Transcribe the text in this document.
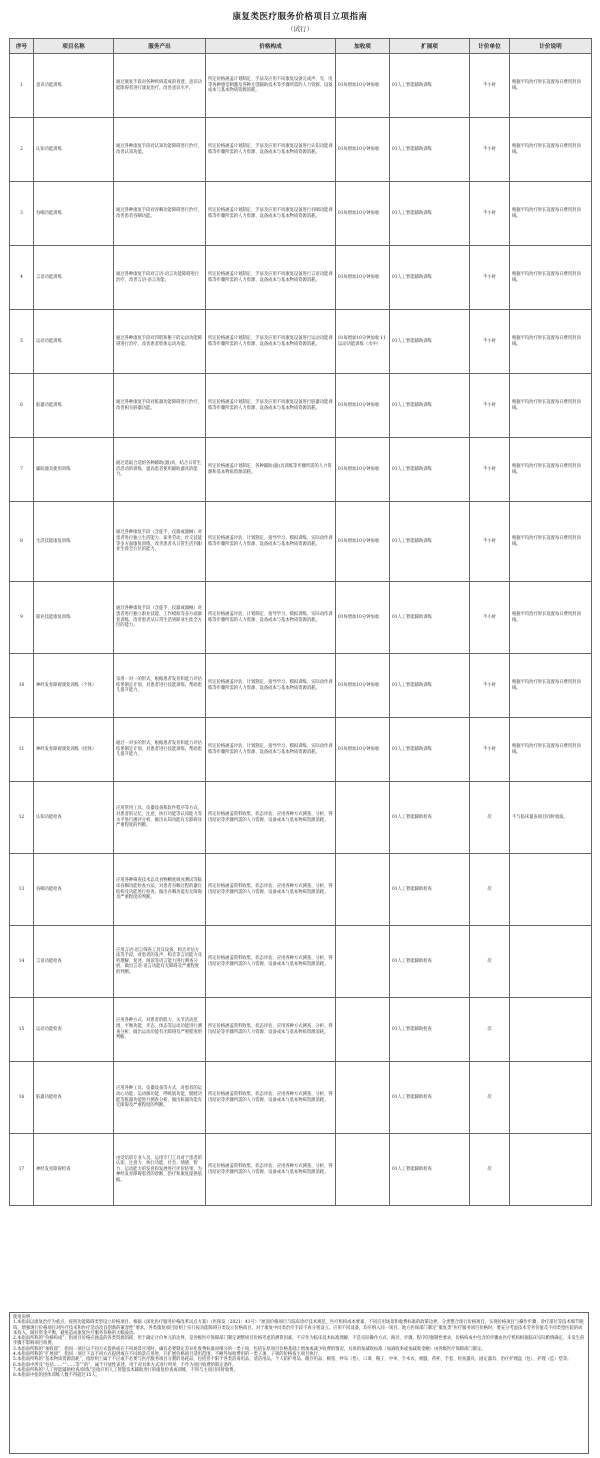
康复类医疗服务价格项目立项指南
（试行）
序号	项目名称	服务产出	价格构成	加收项	扩展项	计价单位	计价说明
1	意识功能训练	通过康复手段对各种疾病造成的昏迷、意识功能障碍者进行康复治疗，改善意识水平。	所定价格涵盖计划制定、手法及应用不同康复设备完成声、光、电等各种感觉刺激及各种无创辅助技术等步骤所需的人力资源、设备成本与基本物质资源消耗。	01每增加10分钟加收	01人工智能辅助训练	半小时	根据平均治疗时长设置每日费用封顶线。
2	认知功能训练	通过各种康复手段对认知功能障碍进行治疗，改善认知功能。	所定价格涵盖计划制定、手法及应用不同康复设备进行认知功能训练等步骤所需的人力资源、设备成本与基本物质资源消耗。	01每增加10分钟加收	01人工智能辅助训练	半小时	根据平均治疗时长设置每日费用封顶线。
3	吞咽功能训练	通过各种康复手段对吞咽功能障碍进行治疗，改善患者吞咽功能。	所定价格涵盖计划制定、手法及应用不同康复设备进行吞咽功能训练等步骤所需的人力资源、设备成本与基本物质资源消耗。	01每增加10分钟加收	01人工智能辅助训练	半小时	根据平均治疗时长设置每日费用封顶线。
4	言语功能训练	通过各种康复手段对言语-语言功能障碍进行治疗，改善言语-语言功能。	所定价格涵盖计划制定、手法及应用不同康复设备进行言语功能训练等步骤所需的人力资源、设备成本与基本物质资源消耗。	01每增加10分钟加收	01人工智能辅助训练	半小时	根据平均治疗时长设置每日费用封顶线。
5	运动功能训练	通过各种康复手段对四肢和躯干的运动功能障碍进行治疗，改善患者肢体运动功能。	所定价格涵盖计划制定、手法及应用不同康复设备进行运动功能训练等步骤所需的人力资源、设备成本与基本物质资源消耗。	01每增加10分钟加收 11运动功能训练（水中）	01人工智能辅助训练	半小时	根据平均治疗时长设置每日费用封顶线。
6	脏器功能训练	通过各种康复手段对脏器功能障碍进行治疗，改善相关脏器功能。	所定价格涵盖计划制定、手法及应用不同康复设备进行脏器功能训练等步骤所需的人力资源、设备成本与基本物质资源消耗。	01每增加10分钟加收	01人工智能辅助训练	半小时	根据平均治疗时长设置每日费用封顶线。
7	辅助器具使用训练	通过选取合适的各种辅助(器)具，结合日常生活活动的训练，提高患者使用辅助器具的能力。	所定价格涵盖计划制定、各种辅助(器)具训练等步骤所需的人力资源和基本物质资源消耗。	01每增加10分钟加收	01人工智能辅助训练	半小时	根据平均治疗时长设置每日费用封顶线。
8	生活技能康复训练	通过各种康复手段（含徒手、仪器或器械）对患者进行独立生活能力、家务劳动、社交技能等多方面康复训练，改善患者从日常生活到职业生涯全方位的能力。	所定价格涵盖评估、计划制定、指导学习、模拟训练、实际动作训练等步骤所需的人力资源、设备成本与基本物质资源消耗。	01每增加10分钟加收	01人工智能辅助训练	半小时	根据平均治疗时长设置每日费用封顶线。
9	职业技能康复训练	通过各种康复手段（含徒手、仪器或器械）对患者进行独立职业技能、工作模拟等多方面康复训练，改善患者从日常生活到职业生涯全方位的能力。	所定价格涵盖评估、计划制定、指导学习、模拟训练、实际动作训练等步骤所需的人力资源、设备成本与基本物质资源消耗。	01每增加10分钟加收	01人工智能辅助训练	半小时	根据平均治疗时长设置每日费用封顶线。
10	神经发育障碍康复训练（个体）	采用一对一的形式，根据患者发育和能力评估结果制定计划，对患者进行技能训练，帮助患儿提升能力。	所定价格涵盖评估、计划制定、指导学习、模拟训练、实际动作训练等步骤所需的人力资源、设备成本与基本物质资源消耗。	01每增加10分钟加收	01人工智能辅助训练	半小时	根据平均治疗时长设置每日费用封顶线。
11	神经发育障碍康复训练（团体）	通过一对多的形式，根据患者发育和能力评估结果制定计划，对患者进行技能训练，帮助患儿提升能力。	所定价格涵盖评估、计划制定、指导学习、模拟训练、实际动作训练等步骤所需的人力资源、设备成本与基本物质资源消耗。	01每增加10分钟加收	01人工智能辅助训练	半小时	根据平均治疗时长设置每日费用封顶线。
12	认知功能检查	应用常用工具、仪器设备和软件程序等方式，对患者的记忆、注意、执行功能等认知能力等水平进行测评分析，做出认知功能有无障碍及严重程度的判断。	所定价格涵盖资料收集、状态评估、应用各种方式测查、分析、得出结论等步骤所需的人力资源、设备成本与基本物质资源消耗。		01人工智能辅助检查	次	不与临床量表项目同时收取。
13	吞咽功能检查	应用各种筛查技术以及食物稠度吸食测试等临床吞咽功能检查方法，对患者吞咽过程的器官结构及功能进行检查，做出吞咽功能有无障碍及严重程度的判断。	所定价格涵盖资料收集、状态评估、应用各种方式测查、分析、得出结论等步骤所需的人力资源、设备成本与基本物质资源消耗。		01人工智能辅助检查	次	
14	言语功能检查	应用言语-语言筛查工具及设备、构音评估方法等手段，对患者的发声、构音等言语能力及听理解、复述、阅读等语言能力进行测查分析，做出言语-语言功能有无障碍及严重程度的判断。	所定价格涵盖资料收集、状态评估、应用各种方式测查、分析、得出结论等步骤所需的人力资源、设备成本与基本物质资源消耗。		01人工智能辅助检查	次	
15	运动功能检查	应用各种方式，对患者的肌力、关节活动范围、平衡功能、步态、体态等运动功能进行测查分析，做出运动功能有无障碍及严重程度的判断。	所定价格涵盖资料收集、状态评估、应用各种方式测查、分析、得出结论等步骤所需的人力资源、设备成本与基本物质资源消耗。		01人工智能辅助检查	次	
16	脏器功能检查	应用各种工具、仪器设备等方式，对患者的运动心功能、运动肺功能、呼吸肌功能、膀胱功能等脏器功能进行测查分析，做出脏器功能有无障碍及严重程度的判断。	所定价格涵盖资料收集、状态评估、应用各种方式测查、分析、得出结论等步骤所需的人力资源、设备成本与基本物质资源消耗。		01人工智能辅助检查	次	
17	神经发育障碍检查	由受培训专业人员，运用专门工具对于患者的认知、注意力、执行功能、社会、情感、智力、运动能力的发育和发展进行评价结果，为神经发育障碍患者的诊断、治疗和康复提供依据。	所定价格涵盖资料收集、状态评估、应用各种方式测查、分析、得出结论等步骤所需的人力资源、设备成本与基本物质资源消耗。		01人工智能辅助检查	次	

使用说明：

1.本指南以康复治疗为重点，按照功能障碍类型设立价格项目。根据《深化医疗服务价格改革试点方案》（医保发〔2021〕41号）“厘清价格项目与临床诊疗技术规范、医疗机构成本要素、不同应用场景和收费标准的政策边界。分类整合现行价格项目，实现价格项目与操作步骤、诊疗部位等技术细节脱钩，增强现行价格项目对医疗技术和医疗活动改良创新的兼容性”要求，各类康复项目原则上实行按功能障碍分类设立价格项目，对于康复中同类治疗手段不再分别设立。应用不同设备，均应纳入同一项目。地方医保部门制定“康复类”医疗服务项目价格时，要充分考虑技术劳务价值及不同类型医院的成本投入，做好资金平衡，避免造成康复医疗服务价格的大幅波动。

2.本指南所称的“价格构成”，指项目价格应涵盖的各类资源消耗，用于确定计价单元的边界，是各级医疗保障部门制定调整项目价格考虑的测算因素，不应作为临床技术标准理解，不是实际操作方式、路径、步骤、程序的强制性要求，价格构成中包含的步骤由医疗机构根据临床实际酌情确定，未发生的步骤不影响项目收费。

3.本指南所称的“加收项”，指同一项目以不同方式提供或在不同场景应用时，确有必要制定差异化收费标准而细分的一类子项，包括在原项目价格基础上增加或减少收费的情况，具体的加减收标准（加减收率或加减收金额）由各级医疗保障部门制定。

4.本指南所称的“扩展项”，指同一项目下以不同方式提供或在不同场景应用时，只扩展价格项目适用范围，不额外加收费用的一类子项，子项的价格按主项目执行。

5.本指南所称的“基本物质资源消耗”，指原则上属于不应或不必要与医疗服务项目分割的易耗品，包括但不限于各类消毒用品、清洁用品、个人防护用品、储存用品、棉签、纱布（垫）、口罩、帽子、中单、手术衣、被服、药杯、手套、检查器具、固定器具、治疗护理盘（包）、护理（监）垫等。

6.本指南中涉及“包括……”“……等”“的”，属于开放性表述，用于对具体方式进行列举，不作为项目收费的限定条件。

7.本指南所称的“人工智能辅助检查/训练”是指应用人工智能技术辅助进行的康复检查或训练，不得与主项目同时收费。

8.本指南中指的团体训练人数不得超过15人。
